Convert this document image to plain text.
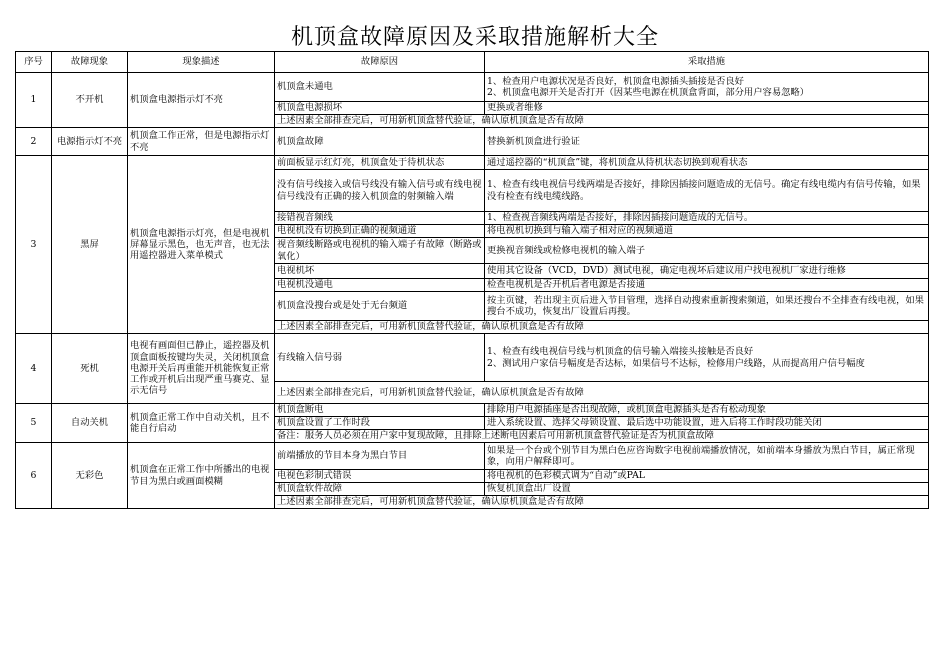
机顶盒故障原因及采取措施解析大全
序号	故障现象	现象描述	故障原因	采取措施
1	不开机	机顶盒电源指示灯不亮	机顶盒未通电	1、检查用户电源状况是否良好，机顶盒电源插头插接是否良好
2、机顶盒电源开关是否打开（因某些电源在机顶盒背面，部分用户容易忽略）
			机顶盒电源损坏	更换或者维修
			上述因素全部排查完后，可用新机顶盒替代验证，确认原机顶盒是否有故障	
2	电源指示灯不亮	机顶盒工作正常，但是电源指示灯不亮	机顶盒故障	替换新机顶盒进行验证
3	黑屏	机顶盒电源指示灯亮，但是电视机屏幕显示黑色，也无声音，也无法用遥控器进入菜单模式	前面板显示红灯亮，机顶盒处于待机状态	通过遥控器的“机顶盒”键，将机顶盒从待机状态切换到观看状态
			没有信号线接入或信号线没有输入信号或有线电视信号线没有正确的接入机顶盒的射频输入端	1、检查有线电视信号线两端是否接好，排除因插接问题造成的无信号。确定有线电缆内有信号传输，如果没有检查有线电缆线路。
			接错视音频线	1、检查视音频线两端是否接好，排除因插接问题造成的无信号。
			电视机没有切换到正确的视频通道	将电视机切换到与输入端子相对应的视频通道
			视音频线断路或电视机的输入端子有故障（断路或氧化）	更换视音频线或检修电视机的输入端子
			电视机坏	使用其它设备（VCD，DVD）测试电视，确定电视坏后建议用户找电视机厂家进行维修
			电视机没通电	检查电视机是否开机后者电源是否接通
			机顶盒没搜台或是处于无台频道	按主页键，若出现主页后进入节目管理，选择自动搜索重新搜索频道，如果还搜台不全排查有线电视，如果搜台不成功，恢复出厂设置后再搜。
			上述因素全部排查完后，可用新机顶盒替代验证，确认原机顶盒是否有故障	
4	死机	电视有画面但已静止，遥控器及机顶盒面板按键均失灵，关闭机顶盒电源开关后再重能开机能恢复正常工作或开机后出现严重马赛克、显示无信号	有线输入信号弱	1、检查有线电视信号线与机顶盒的信号输入端接头接触是否良好
2、测试用户家信号幅度是否达标，如果信号不达标，检修用户线路，从而提高用户信号幅度
			上述因素全部排查完后，可用新机顶盒替代验证，确认原机顶盒是否有故障	
5	自动关机	机顶盒正常工作中自动关机，且不能自行启动	机顶盒断电	排除用户电源插座是否出现故障，或机顶盒电源插头是否有松动现象
			机顶盒设置了工作时段	进入系统设置、选择父母锁设置、最后选中功能设置，进入后将工作时段功能关闭
			备注：服务人员必须在用户家中复现故障，且排除上述断电因素后可用新机顶盒替代验证是否为机顶盒故障	
6	无彩色	机顶盒在正常工作中所播出的电视节目为黑白或画面模糊	前端播放的节目本身为黑白节目	如果是一个台或个别节目为黑白色应咨询数字电视前端播放情况，如前端本身播放为黑白节目，属正常现象，向用户解释即可。
			电视色彩制式错误	将电视机的色彩模式调为“自动”或PAL
			机顶盒软件故障	恢复机顶盒出厂设置
			上述因素全部排查完后，可用新机顶盒替代验证，确认原机顶盒是否有故障	
